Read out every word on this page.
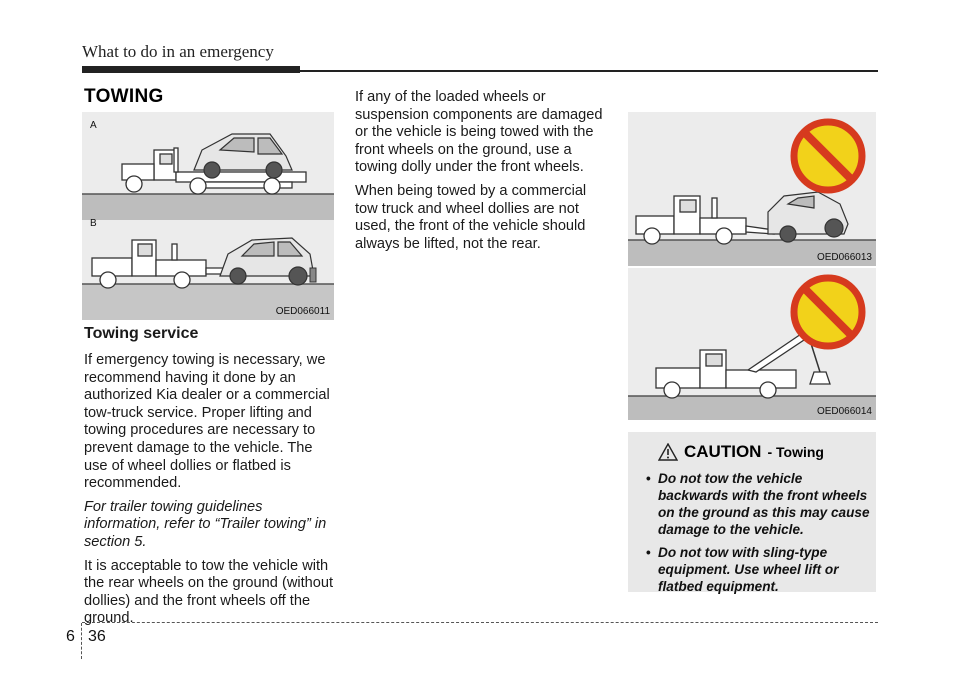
What to do in an emergency
TOWING
A
B
OED066011
Towing service

If emergency towing is necessary, we recommend having it done by an authorized Kia dealer or a commercial tow-truck service. Proper lifting and towing procedures are necessary to prevent damage to the vehicle. The use of wheel dollies or flatbed is recommended.

For trailer towing guidelines information, refer to “Trailer towing” in section 5.

It is acceptable to tow the vehicle with the rear wheels on the ground (without dollies) and the front wheels off the ground.

If any of the loaded wheels or suspension components are damaged or the vehicle is being towed with the front wheels on the ground, use a towing dolly under the front wheels.

When being towed by a commercial tow truck and wheel dollies are not used, the front of the vehicle should always be lifted, not the rear.

OED066013
OED066014
CAUTION - Towing
• Do not tow the vehicle backwards with the front wheels on the ground as this may cause damage to the vehicle.
• Do not tow with sling-type equipment. Use wheel lift or flatbed equipment.
6 36
